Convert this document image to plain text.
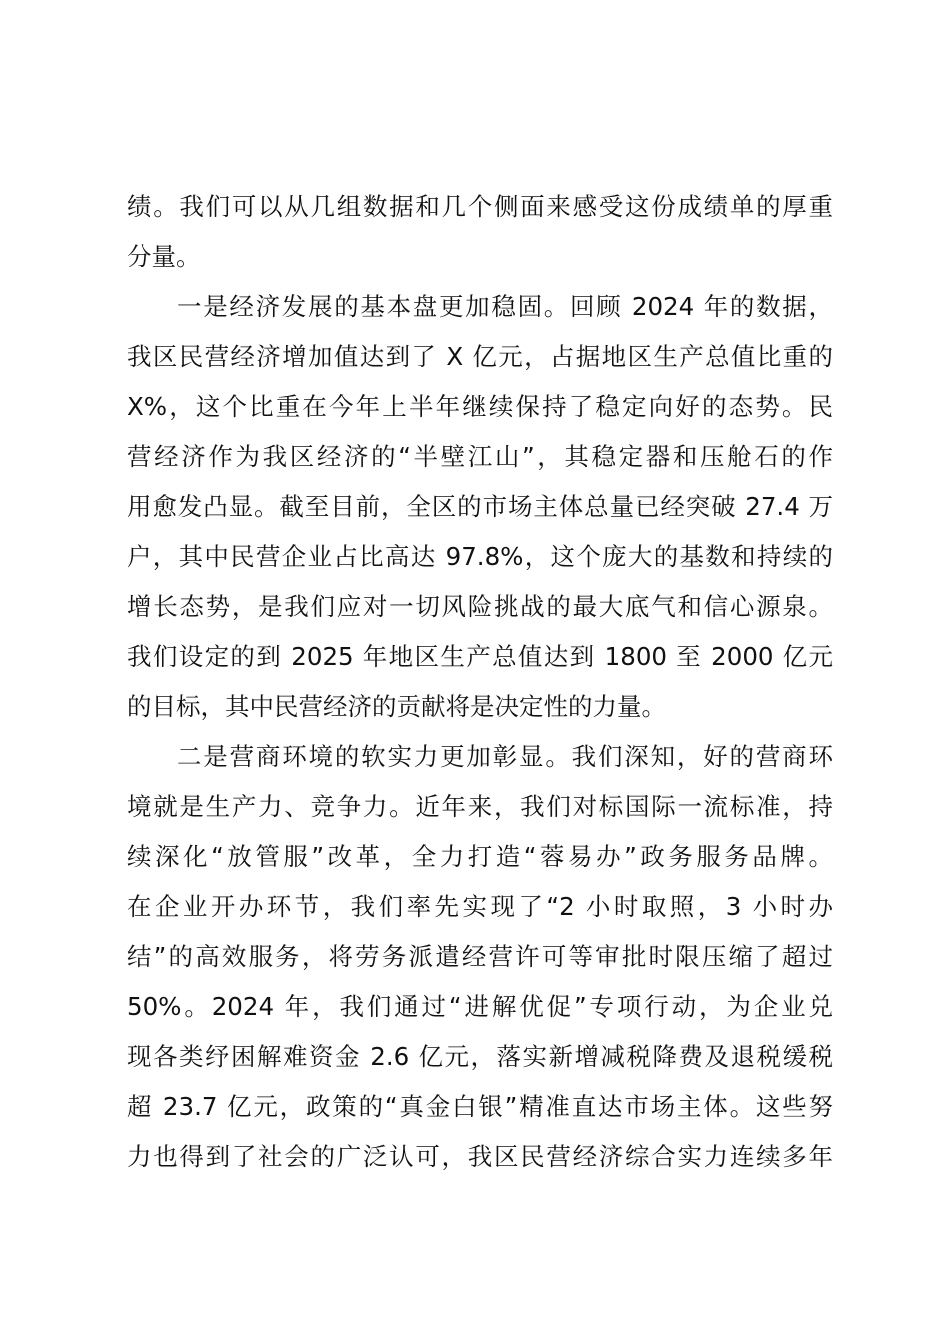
绩。我们可以从几组数据和几个侧面来感受这份成绩单的厚重
分量。
一是经济发展的基本盘更加稳固。回顾 2024 年的数据，
我区民营经济增加值达到了 X 亿元，占据地区生产总值比重的
X%，这个比重在今年上半年继续保持了稳定向好的态势。民
营经济作为我区经济的“半壁江山”，其稳定器和压舱石的作
用愈发凸显。截至目前，全区的市场主体总量已经突破 27.4 万
户，其中民营企业占比高达 97.8%，这个庞大的基数和持续的
增长态势，是我们应对一切风险挑战的最大底气和信心源泉。
我们设定的到 2025 年地区生产总值达到 1800 至 2000 亿元
的目标，其中民营经济的贡献将是决定性的力量。
二是营商环境的软实力更加彰显。我们深知，好的营商环
境就是生产力、竞争力。近年来，我们对标国际一流标准，持
续深化“放管服”改革，全力打造“蓉易办”政务服务品牌。
在企业开办环节，我们率先实现了“2 小时取照，3 小时办
结”的高效服务，将劳务派遣经营许可等审批时限压缩了超过
50%。2024 年，我们通过“进解优促”专项行动，为企业兑
现各类纾困解难资金 2.6 亿元，落实新增减税降费及退税缓税
超 23.7 亿元，政策的“真金白银”精准直达市场主体。这些努
力也得到了社会的广泛认可，我区民营经济综合实力连续多年
